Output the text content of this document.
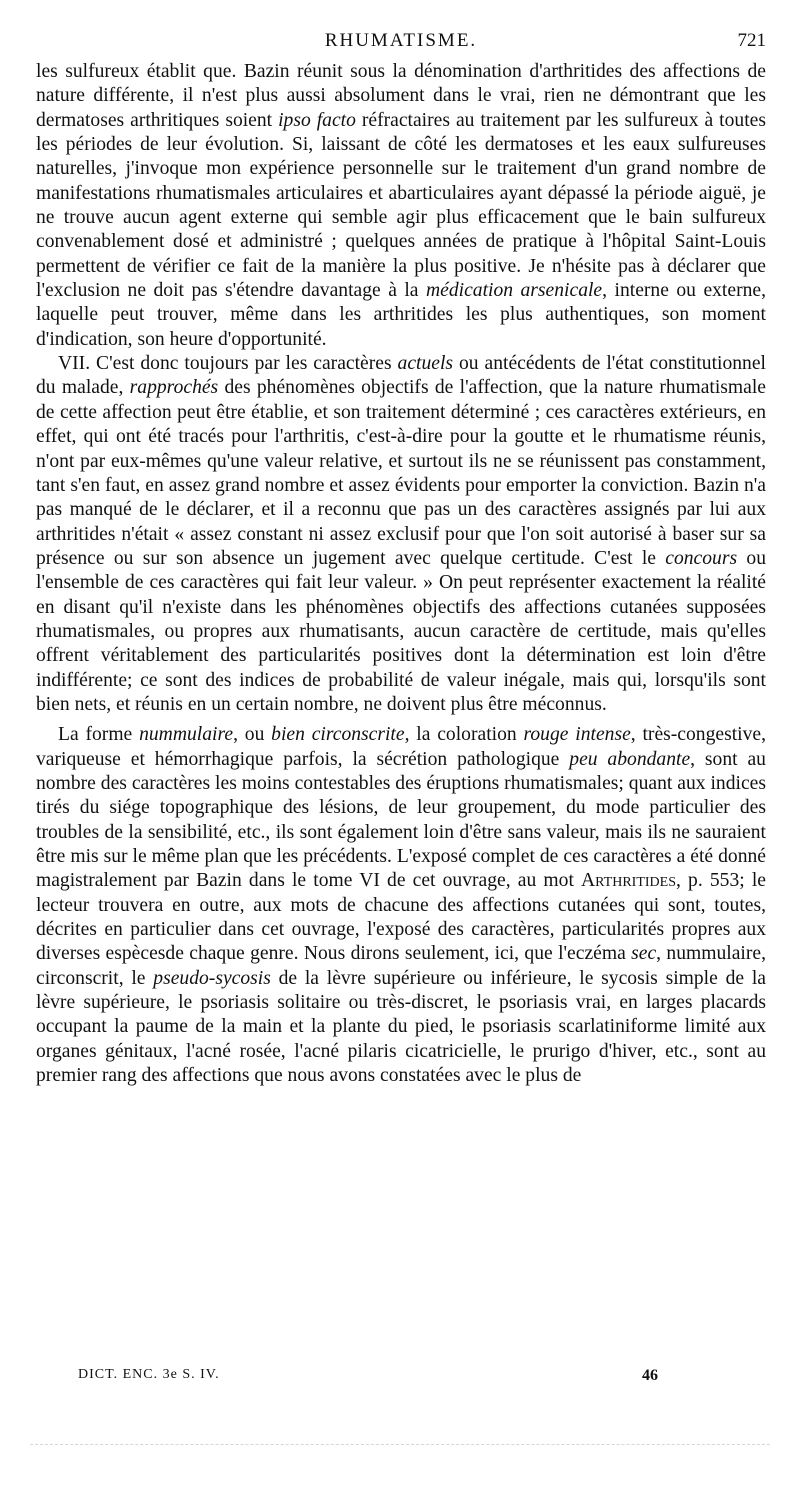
RHUMATISME.	721

les sulfureux établit que. Bazin réunit sous la dénomination d'arthritides des affections de nature différente, il n'est plus aussi absolument dans le vrai, rien ne démontrant que les dermatoses arthritiques soient ipso facto réfractaires au traitement par les sulfureux à toutes les périodes de leur évolution. Si, laissant de côté les dermatoses et les eaux sulfureuses naturelles, j'invoque mon expérience personnelle sur le traitement d'un grand nombre de manifestations rhumatismales articulaires et abarticulaires ayant dépassé la période aiguë, je ne trouve aucun agent externe qui semble agir plus efficacement que le bain sulfureux convenablement dosé et administré ; quelques années de pratique à l'hôpital Saint-Louis permettent de vérifier ce fait de la manière la plus positive. Je n'hésite pas à déclarer que l'exclusion ne doit pas s'étendre davantage à la médication arsenicale, interne ou externe, laquelle peut trouver, même dans les arthritides les plus authentiques, son moment d'indication, son heure d'opportunité.

VII. C'est donc toujours par les caractères actuels ou antécédents de l'état constitutionnel du malade, rapprochés des phénomènes objectifs de l'affection, que la nature rhumatismale de cette affection peut être établie, et son traitement déterminé ; ces caractères extérieurs, en effet, qui ont été tracés pour l'arthritis, c'est-à-dire pour la goutte et le rhumatisme réunis, n'ont par eux-mêmes qu'une valeur relative, et surtout ils ne se réunissent pas constamment, tant s'en faut, en assez grand nombre et assez évidents pour emporter la conviction. Bazin n'a pas manqué de le déclarer, et il a reconnu que pas un des caractères assignés par lui aux arthritides n'était « assez constant ni assez exclusif pour que l'on soit autorisé à baser sur sa présence ou sur son absence un jugement avec quelque certitude. C'est le concours ou l'ensemble de ces caractères qui fait leur valeur. » On peut représenter exactement la réalité en disant qu'il n'existe dans les phénomènes objectifs des affections cutanées supposées rhumatismales, ou propres aux rhumatisants, aucun caractère de certitude, mais qu'elles offrent véritablement des particularités positives dont la détermination est loin d'être indifférente; ce sont des indices de probabilité de valeur inégale, mais qui, lorsqu'ils sont bien nets, et réunis en un certain nombre, ne doivent plus être méconnus.

La forme nummulaire, ou bien circonscrite, la coloration rouge intense, très-congestive, variqueuse et hémorrhagique parfois, la sécrétion pathologique peu abondante, sont au nombre des caractères les moins contestables des éruptions rhumatismales; quant aux indices tirés du siége topographique des lésions, de leur groupement, du mode particulier des troubles de la sensibilité, etc., ils sont également loin d'être sans valeur, mais ils ne sauraient être mis sur le même plan que les précédents. L'exposé complet de ces caractères a été donné magistralement par Bazin dans le tome VI de cet ouvrage, au mot Arthritides, p. 553; le lecteur trouvera en outre, aux mots de chacune des affections cutanées qui sont, toutes, décrites en particulier dans cet ouvrage, l'exposé des caractères, particularités propres aux diverses espècesde chaque genre. Nous dirons seulement, ici, que l'eczéma sec, nummulaire, circonscrit, le pseudo-sycosis de la lèvre supérieure ou inférieure, le sycosis simple de la lèvre supérieure, le psoriasis solitaire ou très-discret, le psoriasis vrai, en larges placards occupant la paume de la main et la plante du pied, le psoriasis scarlatiniforme limité aux organes génitaux, l'acné rosée, l'acné pilaris cicatricielle, le prurigo d'hiver, etc., sont au premier rang des affections que nous avons constatées avec le plus de

DICT. ENC. 3e S. IV.	46
